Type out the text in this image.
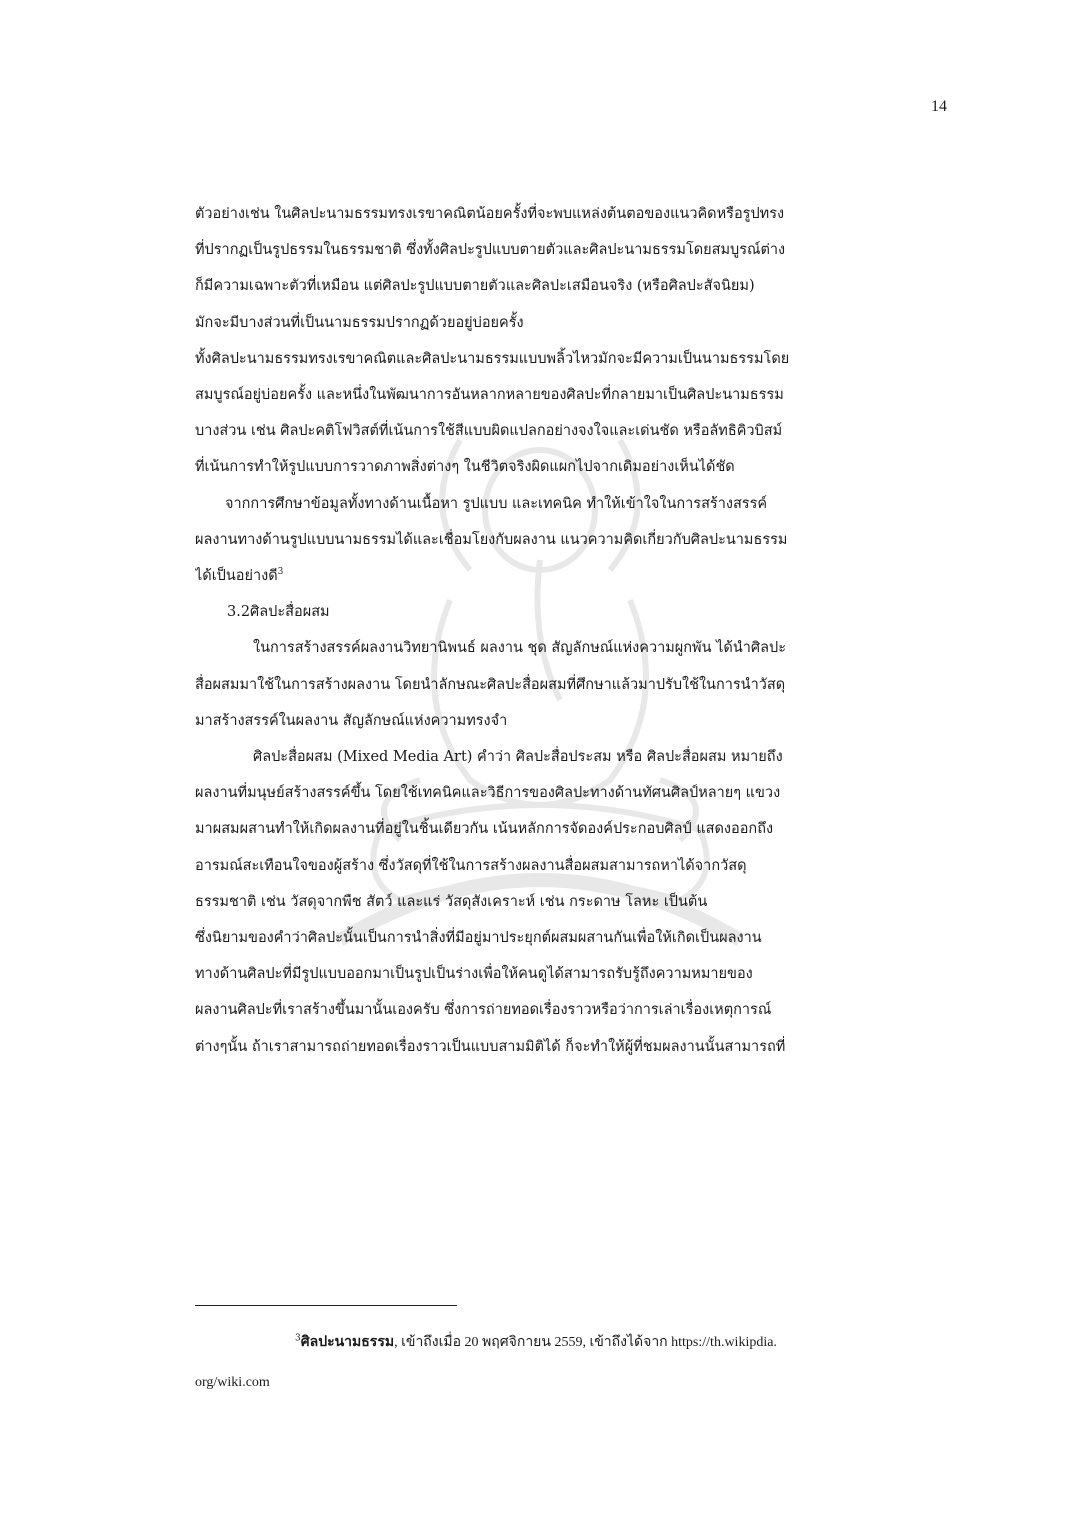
14
ตัวอย่างเช่น ในศิลปะนามธรรมทรงเรขาคณิตน้อยครั้งที่จะพบแหล่งต้นตอของแนวคิดหรือรูปทรง
ที่ปรากฏเป็นรูปธรรมในธรรมชาติ ซึ่งทั้งศิลปะรูปแบบตายตัวและศิลปะนามธรรมโดยสมบูรณ์ต่าง
ก็มีความเฉพาะตัวที่เหมือน แต่ศิลปะรูปแบบตายตัวและศิลปะเสมือนจริง (หรือศิลปะสัจนิยม)
มักจะมีบางส่วนที่เป็นนามธรรมปรากฏด้วยอยู่บ่อยครั้ง
ทั้งศิลปะนามธรรมทรงเรขาคณิตและศิลปะนามธรรมแบบพลิ้วไหวมักจะมีความเป็นนามธรรมโดย
สมบูรณ์อยู่บ่อยครั้ง และหนึ่งในพัฒนาการอันหลากหลายของศิลปะที่กลายมาเป็นศิลปะนามธรรม
บางส่วน เช่น ศิลปะคติโฟวิสต์ที่เน้นการใช้สีแบบผิดแปลกอย่างจงใจและเด่นชัด หรือลัทธิคิวบิสม์
ที่เน้นการทำให้รูปแบบการวาดภาพสิ่งต่างๆ ในชีวิตจริงผิดแผกไปจากเดิมอย่างเห็นได้ชัด
จากการศึกษาข้อมูลทั้งทางด้านเนื้อหา รูปแบบ และเทคนิค ทำให้เข้าใจในการสร้างสรรค์
ผลงานทางด้านรูปแบบนามธรรมได้และเชื่อมโยงกับผลงาน แนวความคิดเกี่ยวกับศิลปะนามธรรม
ได้เป็นอย่างดี$^3$
3.2ศิลปะสื่อผสม
ในการสร้างสรรค์ผลงานวิทยานิพนธ์ ผลงาน ชุด สัญลักษณ์แห่งความผูกพัน ได้นำศิลปะ
สื่อผสมมาใช้ในการสร้างผลงาน โดยนำลักษณะศิลปะสื่อผสมที่ศึกษาแล้วมาปรับใช้ในการนำวัสดุ
มาสร้างสรรค์ในผลงาน สัญลักษณ์แห่งความทรงจำ
ศิลปะสื่อผสม (Mixed Media Art) คำว่า ศิลปะสื่อประสม หรือ ศิลปะสื่อผสม หมายถึง
ผลงานที่มนุษย์สร้างสรรค์ขึ้น โดยใช้เทคนิคและวิธีการของศิลปะทางด้านทัศนศิลป์หลายๆ แขวง
มาผสมผสานทำให้เกิดผลงานที่อยู่ในชิ้นเดียวกัน เน้นหลักการจัดองค์ประกอบศิลป์ แสดงออกถึง
อารมณ์สะเทือนใจของผู้สร้าง ซึ่งวัสดุที่ใช้ในการสร้างผลงานสื่อผสมสามารถหาได้จากวัสดุ
ธรรมชาติ เช่น วัสดุจากพืช สัตว์ และแร่ วัสดุสังเคราะห์ เช่น กระดาษ โลหะ เป็นต้น
ซึ่งนิยามของคำว่าศิลปะนั้นเป็นการนำสิ่งที่มีอยู่มาประยุกต์ผสมผสานกันเพื่อให้เกิดเป็นผลงาน
ทางด้านศิลปะที่มีรูปแบบออกมาเป็นรูปเป็นร่างเพื่อให้คนดูได้สามารถรับรู้ถึงความหมายของ
ผลงานศิลปะที่เราสร้างขึ้นมานั้นเองครับ ซึ่งการถ่ายทอดเรื่องราวหรือว่าการเล่าเรื่องเหตุการณ์
ต่างๆนั้น ถ้าเราสามารถถ่ายทอดเรื่องราวเป็นแบบสามมิติได้ ก็จะทำให้ผู้ที่ชมผลงานนั้นสามารถที่
$^3$ศิลปะนามธรรม, เข้าถึงเมื่อ 20 พฤศจิกายน 2559, เข้าถึงได้จาก https://th.wikipdia.
org/wiki.com
